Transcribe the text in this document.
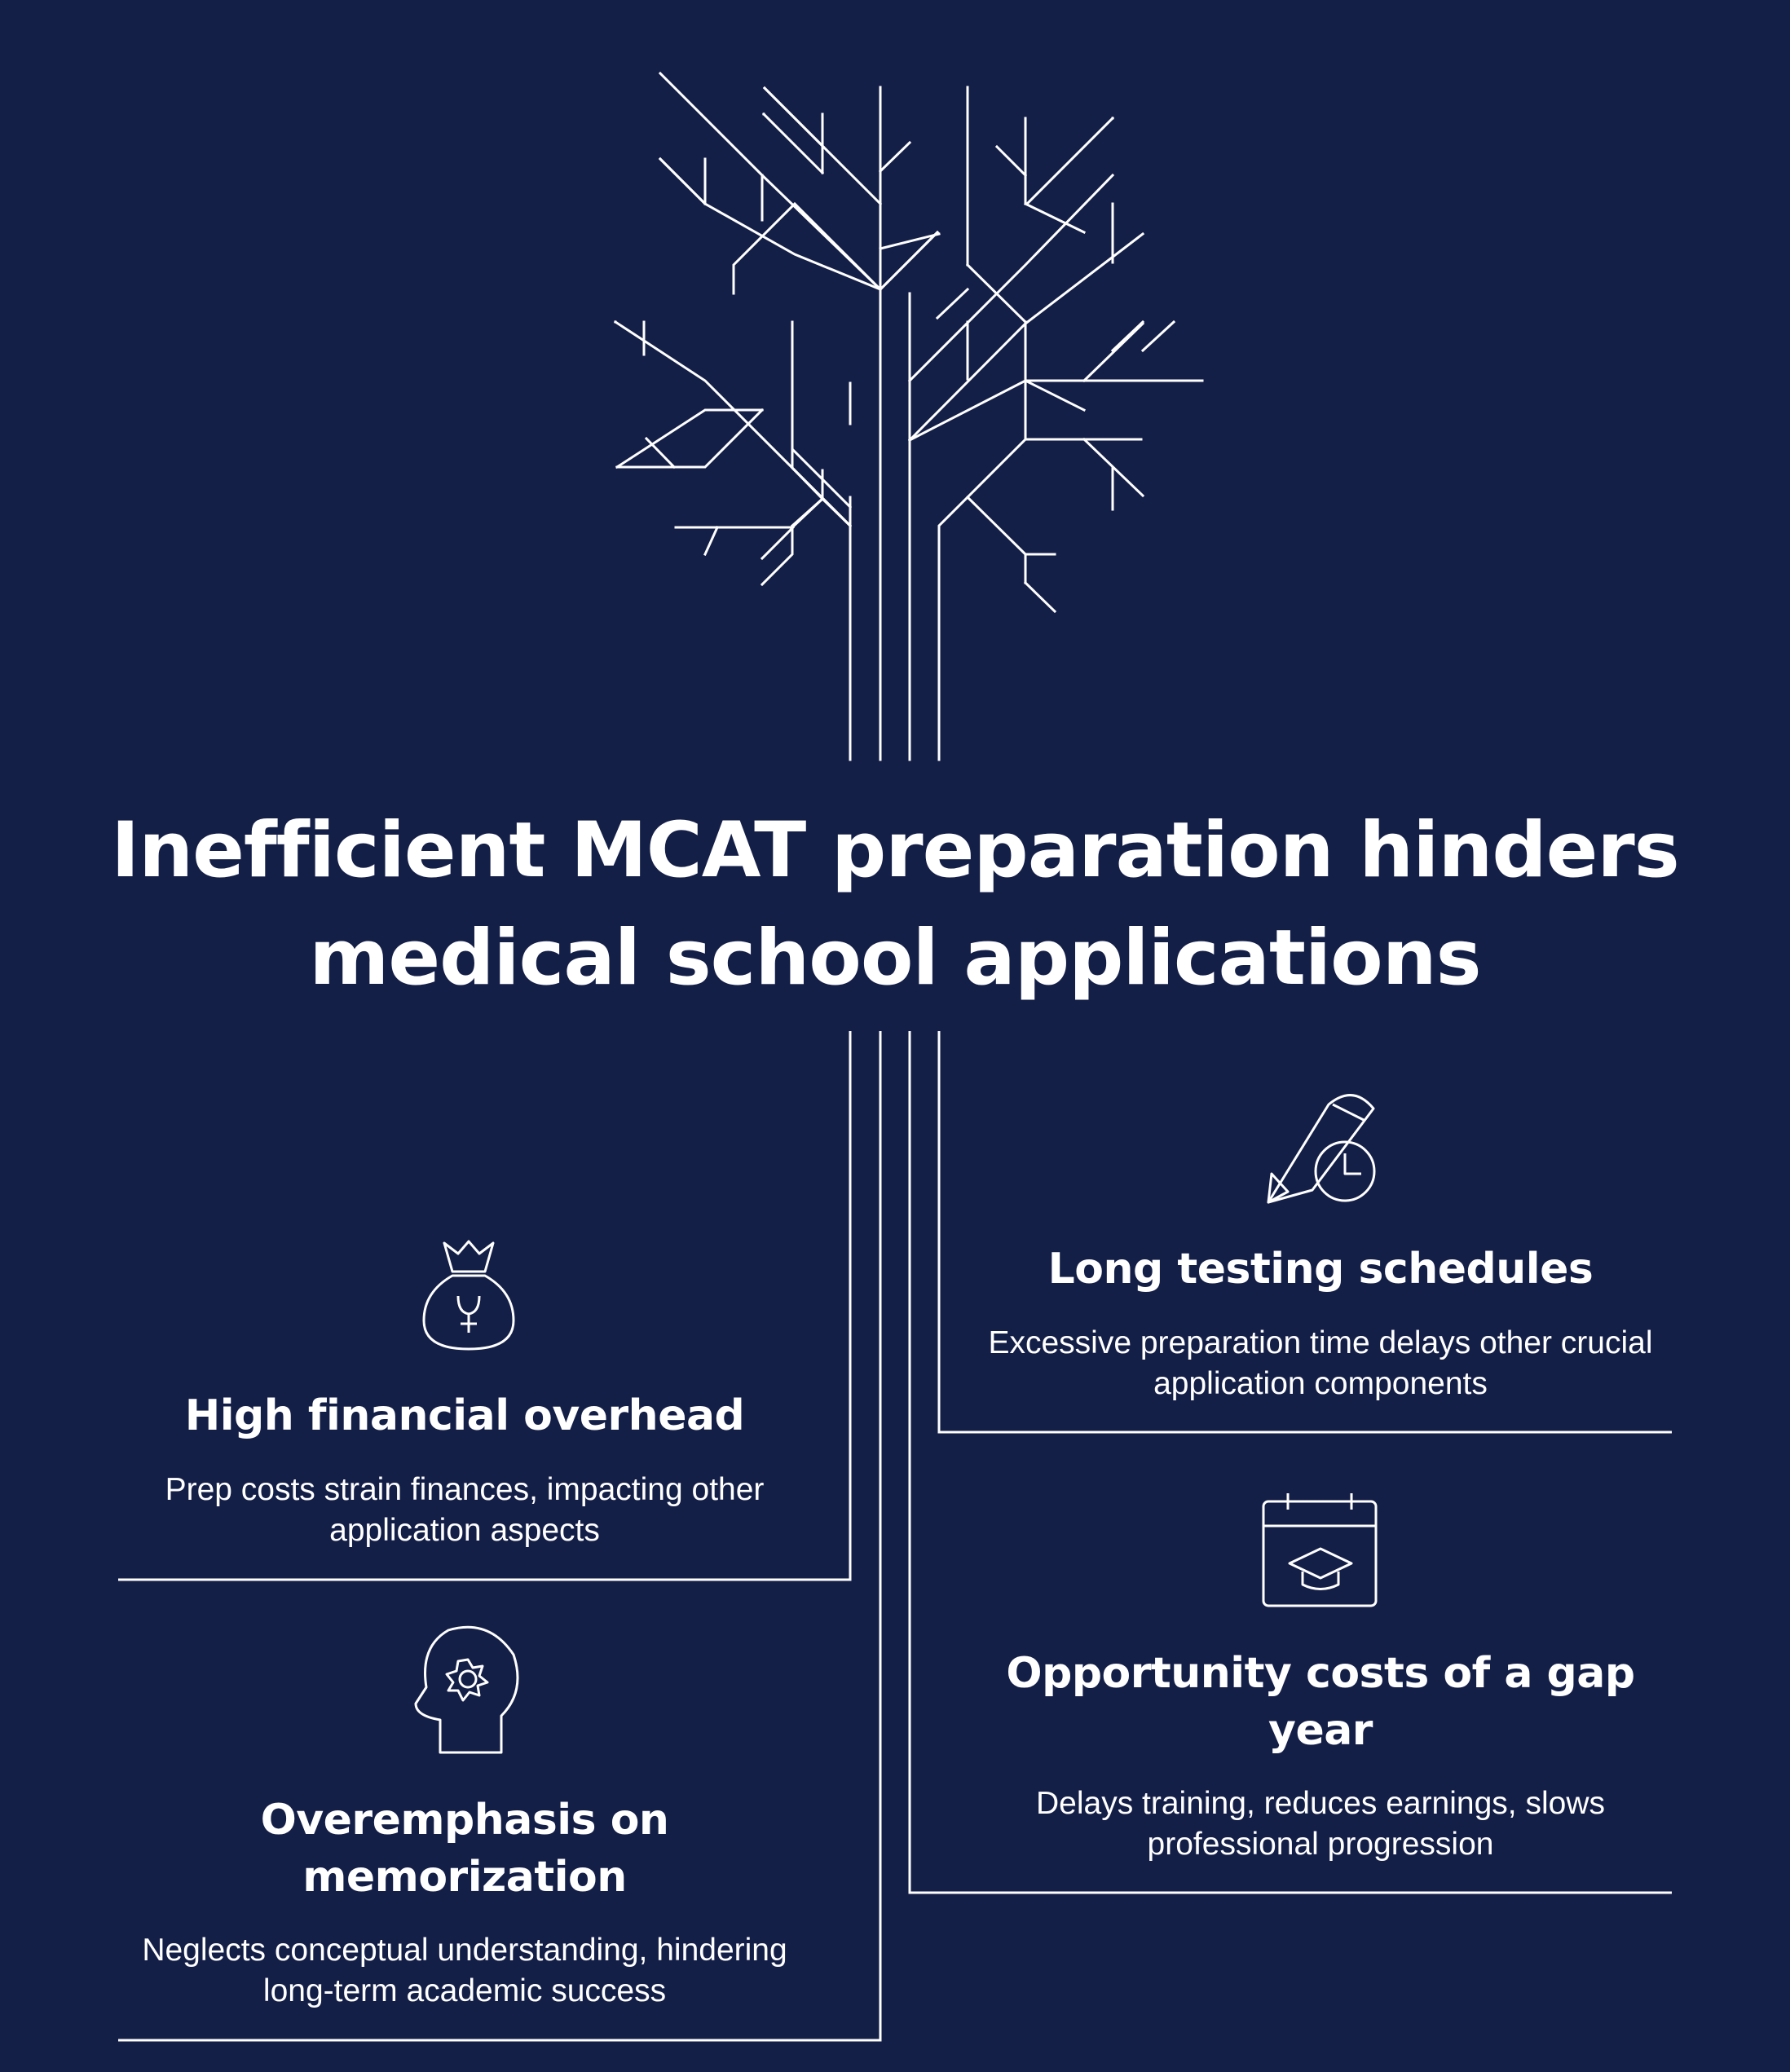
Inefficient MCAT preparation hinders medical school applications
Long testing schedules
Excessive preparation time delays other crucial application components
High financial overhead
Prep costs strain finances, impacting other application aspects
Opportunity costs of a gap year
Delays training, reduces earnings, slows professional progression
Overemphasis on memorization
Neglects conceptual understanding, hindering long-term academic success
